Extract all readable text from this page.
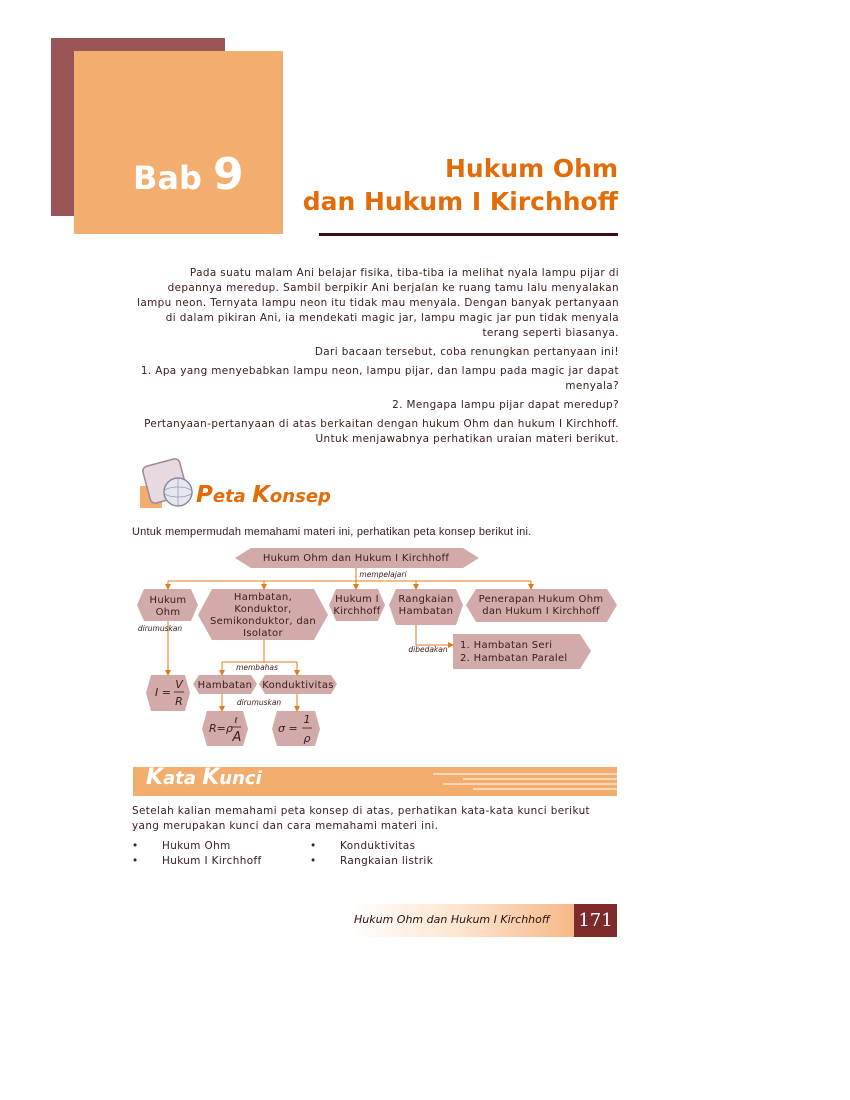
Bab 9	Hukum Ohm
dan Hukum I Kirchhoff

Pada suatu malam Ani belajar fisika, tiba-tiba ia melihat nyala lampu pijar di depannya meredup. Sambil berpikir Ani berjalan ke ruang tamu lalu menyalakan lampu neon. Ternyata lampu neon itu tidak mau menyala. Dengan banyak pertanyaan di dalam pikiran Ani, ia mendekati magic jar, lampu magic jar pun tidak menyala terang seperti biasanya.

Dari bacaan tersebut, coba renungkan pertanyaan ini!

1. Apa yang menyebabkan lampu neon, lampu pijar, dan lampu pada magic jar dapat menyala?

2. Mengapa lampu pijar dapat meredup?

Pertanyaan-pertanyaan di atas berkaitan dengan hukum Ohm dan hukum I Kirchhoff. Untuk menjawabnya perhatikan uraian materi berikut.

Peta Konsep
Untuk mempermudah memahami materi ini, perhatikan peta konsep berikut ini.
Hukum Ohm dan Hukum I Kirchhoff
Hukum
Ohm
Hambatan,
Konduktor,
Semikonduktor, dan
Isolator
Hukum I
Kirchhoff
Rangkaian
Hambatan
Penerapan Hukum Ohm
dan Hukum I Kirchhoff
Hambatan Konduktivitas
1. Hambatan Seri
2. Hambatan Paralel
mempelajari
dirumuskan
dibedakan
membahas
dirumuskan
I =
V
R
R=ρ
ℓ
A
σ =
1
ρ
Kata Kunci
Setelah kalian memahami peta konsep di atas, perhatikan kata-kata kunci berikut yang merupakan kunci dan cara memahami materi ini.
• Hukum Ohm
• Hukum I Kirchhoff
• Konduktivitas
• Rangkaian listrik
Hukum Ohm dan Hukum I Kirchhoff 171
